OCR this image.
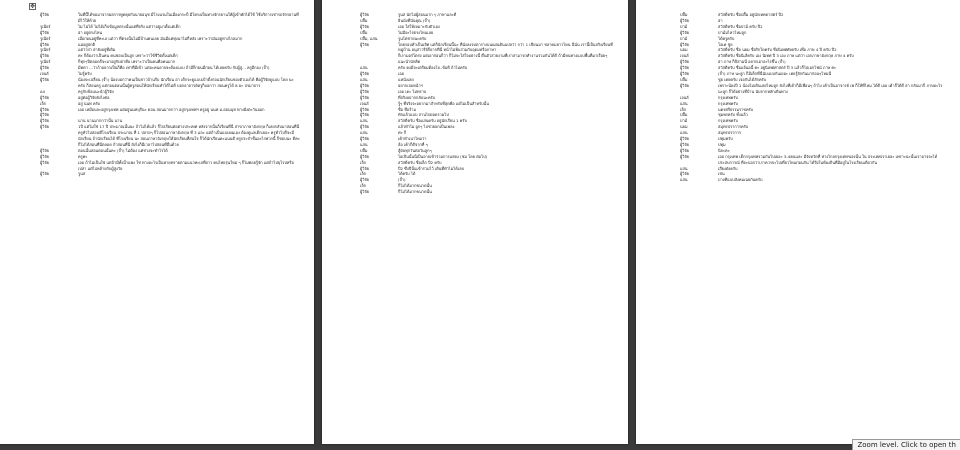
✥
ผู้วิจัย	ในที่นี้ได้ขอมาจากผลการพูดคุยกับนายอนุช มีโรงแรมในเมืองกระบี่ มีโครงเป็นทางจักรยานให้ผู้เข้าพักได้ใช้ ใช้บริการเช่ารถจักรยานที่มีไว้ให้ด้วย
รูเนียร์	ไม่ ไม่ได้ ไม่ได้เก็บข้อมูลตรงนั้นแต่ที่จริง แต่ว่าอยู่มาตั้งแต่เด็ก
ผู้วิจัย	อ่า อยู่ตรงไหน
รูเนียร์	เมื่อก่อนอยู่ที่ทะเล แต่ว่า ที่ตรงนั้นไม่มีบ้านคนเลย มันมีแค่ทุ่งนาไม่กี่หลัง เพราะว่ามันอยู่ห่างไกลมาก
ผู้วิจัย	แม่อยู่ปกติ
รูเนียร์	แต่ว่าย่า ย่ายังอยู่ที่เดิม
ผู้วิจัย	ค่ะ ก็ต้องว่าเป็นคน คนชอบเป็นลูก เพราะว่าใช้ชีวิตตั้งแต่เด็ก
รูเนียร์	ก็ทุกๆปีตลอดก็จะมาอยู่กับตาคือ เพราะว่าเป็นคนคือคนมาก
ผู้วิจัย	มีคตา ...ว่าถ้าอยากเป็นก็คือ เท่าที่มีเข้า แต่อะคนอาจจะต้องแบบ ถ้ามีก็ก่อนมีก่อน ได้เลยครับ กับผู้สู... ครูอีกอง (จ้ำ)
เจนส์	ไม่รู้ครับ
ผู้วิจัย	น้องจะเปลี่ยน (จ้ำ) น้องบอกว่าคนเป็นชาวบ้านรีบ นักเรียน อ่า เด็กจะดูแบบเป้าตั้งก่อนนักเรียนของตัวเองได้ คือผู้วิจัยดูแบบ โดย นะครับ ก็สอนครู แต่ก่อนตอนนั้นผู้ครูสอนให้นักเรียนทำได้ไม่ดี บอกอาจารย์ครูก็บอกว่า สอนครูได้ 8 อะ ปรมาจาร
All	ครูกับข้อแนะนำผู้วิจัย
ผู้วิจัย	อยู่ต่อผู้วิจัยยังไงต่อ
เล็ก	อยู่ นนท ครับ
ผู้วิจัย	เออ เหมือนจะอยู่กรุงเทพ แต่อยู่นนทบุรีนะ ดอน สอนมากกว่า อยู่กรุงเทพฯ ครูอยู่ นนท ม.อ่อนนุช ทางฝั่งตะวันออก
ผู้วิจัย
ผู้วิจัย	นาน นานมากกว่านั้น นาน
ผู้วิจัย	1ปี แต่ไม่ใช่ 17 ปี ประมาณนั้นนะ ถ้าไม่ได้แล้ว ก็ไปเรียนต่อต่างประเทศ หลังจากนั้นก็เรียนที่นี่ สาขาภาษาอังกฤษ ก็เลยกลับมาสอนที่นี่ ครูทั่วไปสอนที่โรงเรียน ประมาณ ที่ 1 ปลายๆ ก็ไปสอนภาษาอังกฤษ ที่ 3 และ แต่ถ้าเป็นแบบผมเอง ต้องดูแลเด็กเยอะ ครูทั่วไปก็จะมีนักเรียน ถ้านักเรียนได้ ที่โรงเรียน นะ สอนภาษาอังกฤษให้นักเรียนที่สนใจ ก็ได้นักเรียนคะแนนดี ครูประจำชั้นอะไรพวกนี้ ก็ชอบนะ ดีคะ ก็ไม่ได้สอนที่นี่ตลอด ถ้าสอนที่นี่ ยังไงก็มีเวลาไปสอนที่อื่นด้วย
ผู้วิจัย	ตอนนั้นสอนตอนนั้นคะ (จ้ำ) ไม่ต้อง แต่ช่วงจะทำไรได้
ผู้วิจัย	ครูคะ
ผู้วิจัย	เออ ถ้าไม่เป็นใช่ แต่ถ้ามีทั้งน้ำแพง ใช่ ทางอะไรเป็นหาดทรายตามแนวทะเลที่ยาว คนไทยรุ่นใหม่ ๆ ก็ไม่ค่อยรู้จัก แต่ถ้าไปยุโรปหรือเปล่า แต่ไปคล้ายกับผู้สูงวัย
ผู้วิจัย	รูนส
ผู้วิจัย	รูนส นักไม่ผู้สอนมาก ๆ ภาษาและดี
ปลื้ม	อินนั่งที่นั่นคุณ (จ้ำ)
ผู้วิจัย	เออ ใส่ให้เหมาะกับตัวเอง
ปลื้ม	ไม่มีอะไรตรงไหนเลย
ปลื้ม, แสน	รูนโตชายนะครับ
ผู้วิจัย	โดยรอบทั่วเป็นเลิศ แต่ก็นักเรียนนี้นะ ที่นั่งลงจบตารางบนแผ่นดินแปลว่า กว่า 1 เขียนมา ชลาคมยาวไหน นี่นั่น เรานี้เป็นจริงเรียนที่หมู่บ้าน อนุสาวรีย์ก็ยากทีนี่ หน้าไม่พ้นร่วมกับอุดมหรือภาษา
ก็เรามอร์โตร่ง แต่เอาก่อนก็ว่า ก็ไม่จะใส่ใจอย่างนี้ ตื่นตัวสวยงามที่เราสามารถทำงานร่วมกันได้ดี ถ้ามีหนทางแบบพื้นที่มาเรื่อยๆ
แนะนำนักคิด
แสน	ครับ คงมีจะเตรียมต้องโย..ข้อดี ถ้าไม่ครับ
ผู้วิจัย	เออ
แสน	แหนั่งเลย
ผู้วิจัย	อยากเจอหน้าฯ
ผู้วิจัย	เออ เดะ ไม่ทราบ
ผู้วิจัย	ที่จริงอยากกลับนะครับ
เจนส์	รู้ๆ ที่จริงจะอยากมาสำหรับที่สุดคือ แต่ไม่เป็นสำหรับนั้น
ผู้วิจัย	ชื่อ ชื่อร้าม
ผู้วิจัย	ทักแล้วแบบ ถ่านไปยอดรวมไป
แสน	สวัสดีครับ ชื่อแสนครับ อยู่นักเรียน 1 ครับ
ผู้วิจัย	แล้วทำไม ผูกๆ ไปช่วยยกเป็นเพลง
แสน	ค่ะ ก็
ผู้วิจัย	เค้าทำเนาไหมว่า
แสน	ล้อ เค้าก็ดีจากที่ ๆ
ปลื้ม	สู้ต่อทุกวันต่อวันลูกๆ
ผู้วิจัย	ไอเปิ่นนั้นนี่เป็นอาจเข้าร่วมการแสดง (ชม โดย ต่อไป)
เล็ก	สวัสดีครับ ชื่อเล็ก ปี2 ครับ
ผู้วิจัย	ปี2 ซึ่งปีนั้นเข้าร่วมไว้ เดินที่ทำไมได้เลย
เล็ก	ได้ครับ ได้
ผู้วิจัย	(จ้ำ)
เล็ก	ก็ไม่ได้มากขนาดนั้น
ผู้วิจัย	ก็ไม่ได้มากขนาดนั้น
ปลื้ม	สวัสดีครับ ชื่อปลื้ม อยู่นักเทคดาสตร์ ปี2
ผู้วิจัย	อ่า
บ่าม้	สวัสดีครับ ชื่อบ่าม้ ครับ ปี2
ผู้วิจัย	บ่าม้มไหวไหมลูก
บ่าม้	ได้ครูครับ
ผู้วิจัย	โอเค ชูย
นยม	สวัสดีครับ ชื่อ นยม ชื่อริกใดครับ ชื่อนิเพศศังครับ เพื่อ ภาษ 4 ปี ครับ ปี2
เจนส์	สวัสดีครับ ชื่อนิเส้ครับ เอง นิเทศ ปี 3 เอง ภาษ แต่ว่า เอกภาษาอังกฤษ ภาษ 4 ครับ
ผู้วิจัย	อ่า ภาษ ก็ปีสามนี่ อยากเอาอะไรขึ้น (จ้ำ)
ผู้วิจัย	สวัสดีครับ ชื่อแจ้นอนี้ คะ อยู่นิเทศศาสตร์ ปี 3 แล้วก็ไปเอกไฟน์ ภาษ ค่ะ
ผู้วิจัย	(จ้ำ) ภาษ นะลูก ก็มีเด็กที่นี่นับแบบกันเยอะ เคยรู้จักกันมาก่อนๆไหมนี่
ปลื้ม	ชูย เคยครับ เจอกันได้สักครับ
ผู้วิจัย	เพราะน้องปี 1 น้องไม่เดินเลยไหมลูก ยังไงที่เด้าก็มีเพื่อนๆ ถ้าไง เค้าเป็นอาจารย์ เพ ก็ให้ทีไหม ได้ดี เออ เค้าก็ได้ดี อ่า กลับมาก็ ภาษอะไรนะลูก ก็ได้อย่างที่บ้าน นับจากหลักเดินทาง
เจนส์	กรุงเทพครับ
แสน	กรุงเทพครับ
เล็ก	นครศรีธรรมราชครับ
ปลื้ม	ชุมพรครับ ทั้งแล้ว
บ่าม้	กรุงเทพครับ
นยม	สมุทรปราการครับ
แสน	สมุทรปราการ
ผู้วิจัย	ปทุมครับ
ผู้วิจัย	ปทุม
ผู้วิจัย	นิจะคะ
ผู้วิจัย	เออ กรุงเทพ เด็กกรุงเทพรวมกันไปเยอะ 3-4คนและ มีจังหวัดที่ ห่างไกลกรุงเทพฯเองนั้น ใน ประเทศเราเยอะ เพราะฉะนั้นเราอาจจะได้ประสบการณ์ ที่จะบอกว่าเราควรจะไปเที่ยวไหนก่อนกัน ได้จึงในท้องถิ่นที่มีอยู่ในโรงเรียนเดียวกัน
แสน	เสียงดังครับ
ผู้วิจัย	เช่น
แสน	บางทีแบบสังคมเฉยกันครับ
Zoom level. Click to open th
